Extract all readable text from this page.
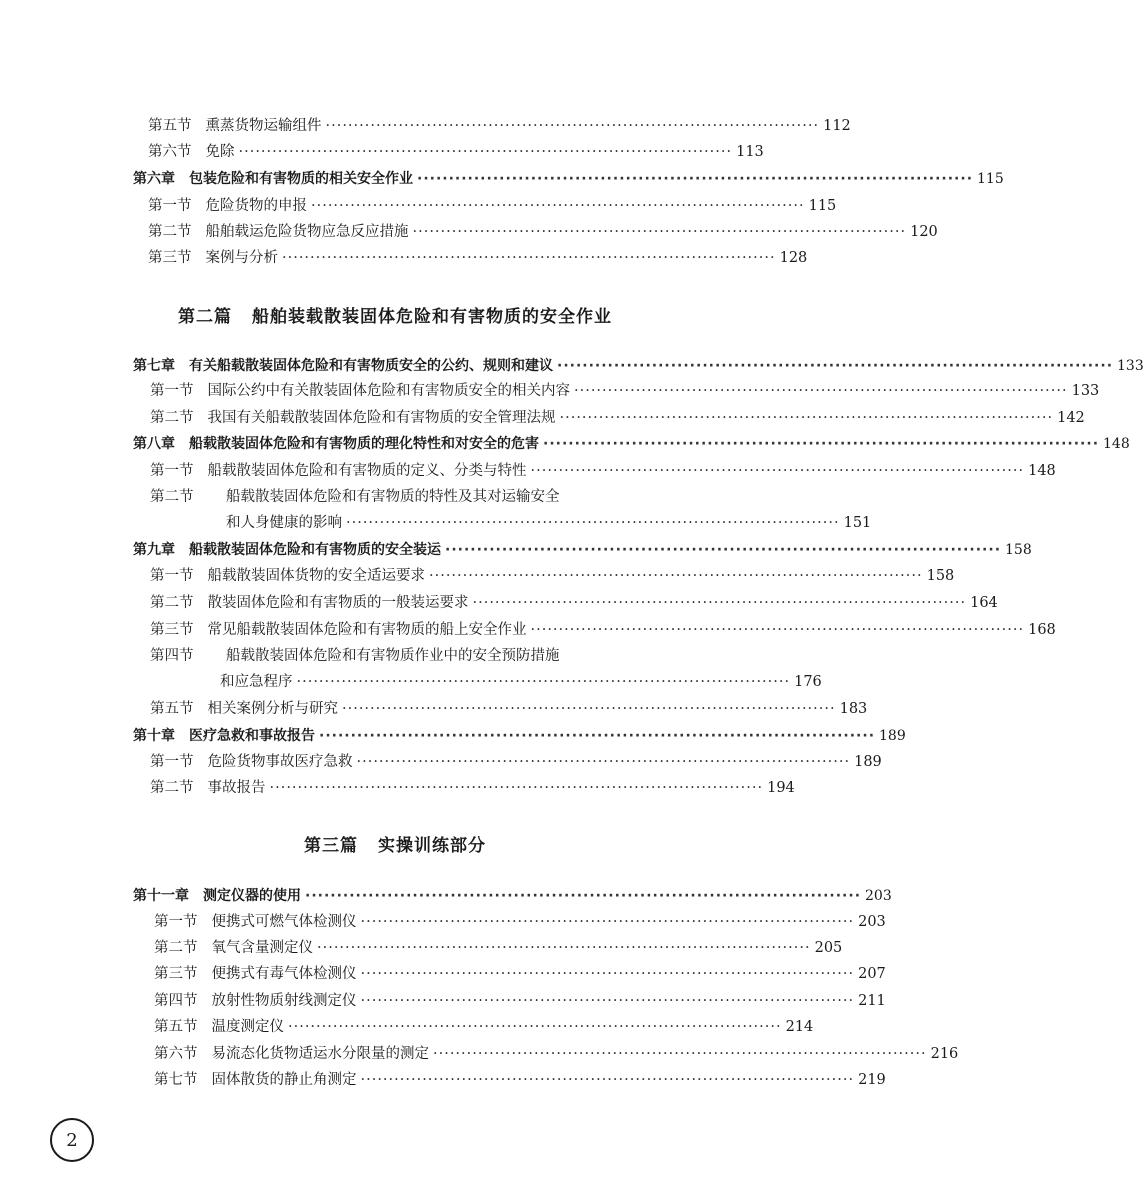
第五节 熏蒸货物运输组件 ························································································ 112
第六节 免除 ························································································ 113
第六章 包装危险和有害物质的相关安全作业 ························································································ 115
第一节 危险货物的申报 ························································································ 115
第二节 船舶载运危险货物应急反应措施 ························································································ 120
第三节 案例与分析 ························································································ 128
第二篇 船舶装载散装固体危险和有害物质的安全作业
第七章 有关船载散装固体危险和有害物质安全的公约、规则和建议 ························································································ 133
第一节 国际公约中有关散装固体危险和有害物质安全的相关内容 ························································································ 133
第二节 我国有关船载散装固体危险和有害物质的安全管理法规 ························································································ 142
第八章 船载散装固体危险和有害物质的理化特性和对安全的危害 ························································································ 148
第一节 船载散装固体危险和有害物质的定义、分类与特性 ························································································ 148
第二节	船载散装固体危险和有害物质的特性及其对运输安全
和人身健康的影响 ························································································ 151
第九章 船载散装固体危险和有害物质的安全装运 ························································································ 158
第一节 船载散装固体货物的安全适运要求 ························································································ 158
第二节 散装固体危险和有害物质的一般装运要求 ························································································ 164
第三节 常见船载散装固体危险和有害物质的船上安全作业 ························································································ 168
第四节	船载散装固体危险和有害物质作业中的安全预防措施
和应急程序 ························································································ 176
第五节 相关案例分析与研究 ························································································ 183
第十章 医疗急救和事故报告 ························································································ 189
第一节 危险货物事故医疗急救 ························································································ 189
第二节 事故报告 ························································································ 194
第三篇 实操训练部分
第十一章 测定仪器的使用 ························································································ 203
第一节 便携式可燃气体检测仪 ························································································ 203
第二节 氧气含量测定仪 ························································································ 205
第三节 便携式有毒气体检测仪 ························································································ 207
第四节 放射性物质射线测定仪 ························································································ 211
第五节 温度测定仪 ························································································ 214
第六节 易流态化货物适运水分限量的测定 ························································································ 216
第七节 固体散货的静止角测定 ························································································ 219
2
